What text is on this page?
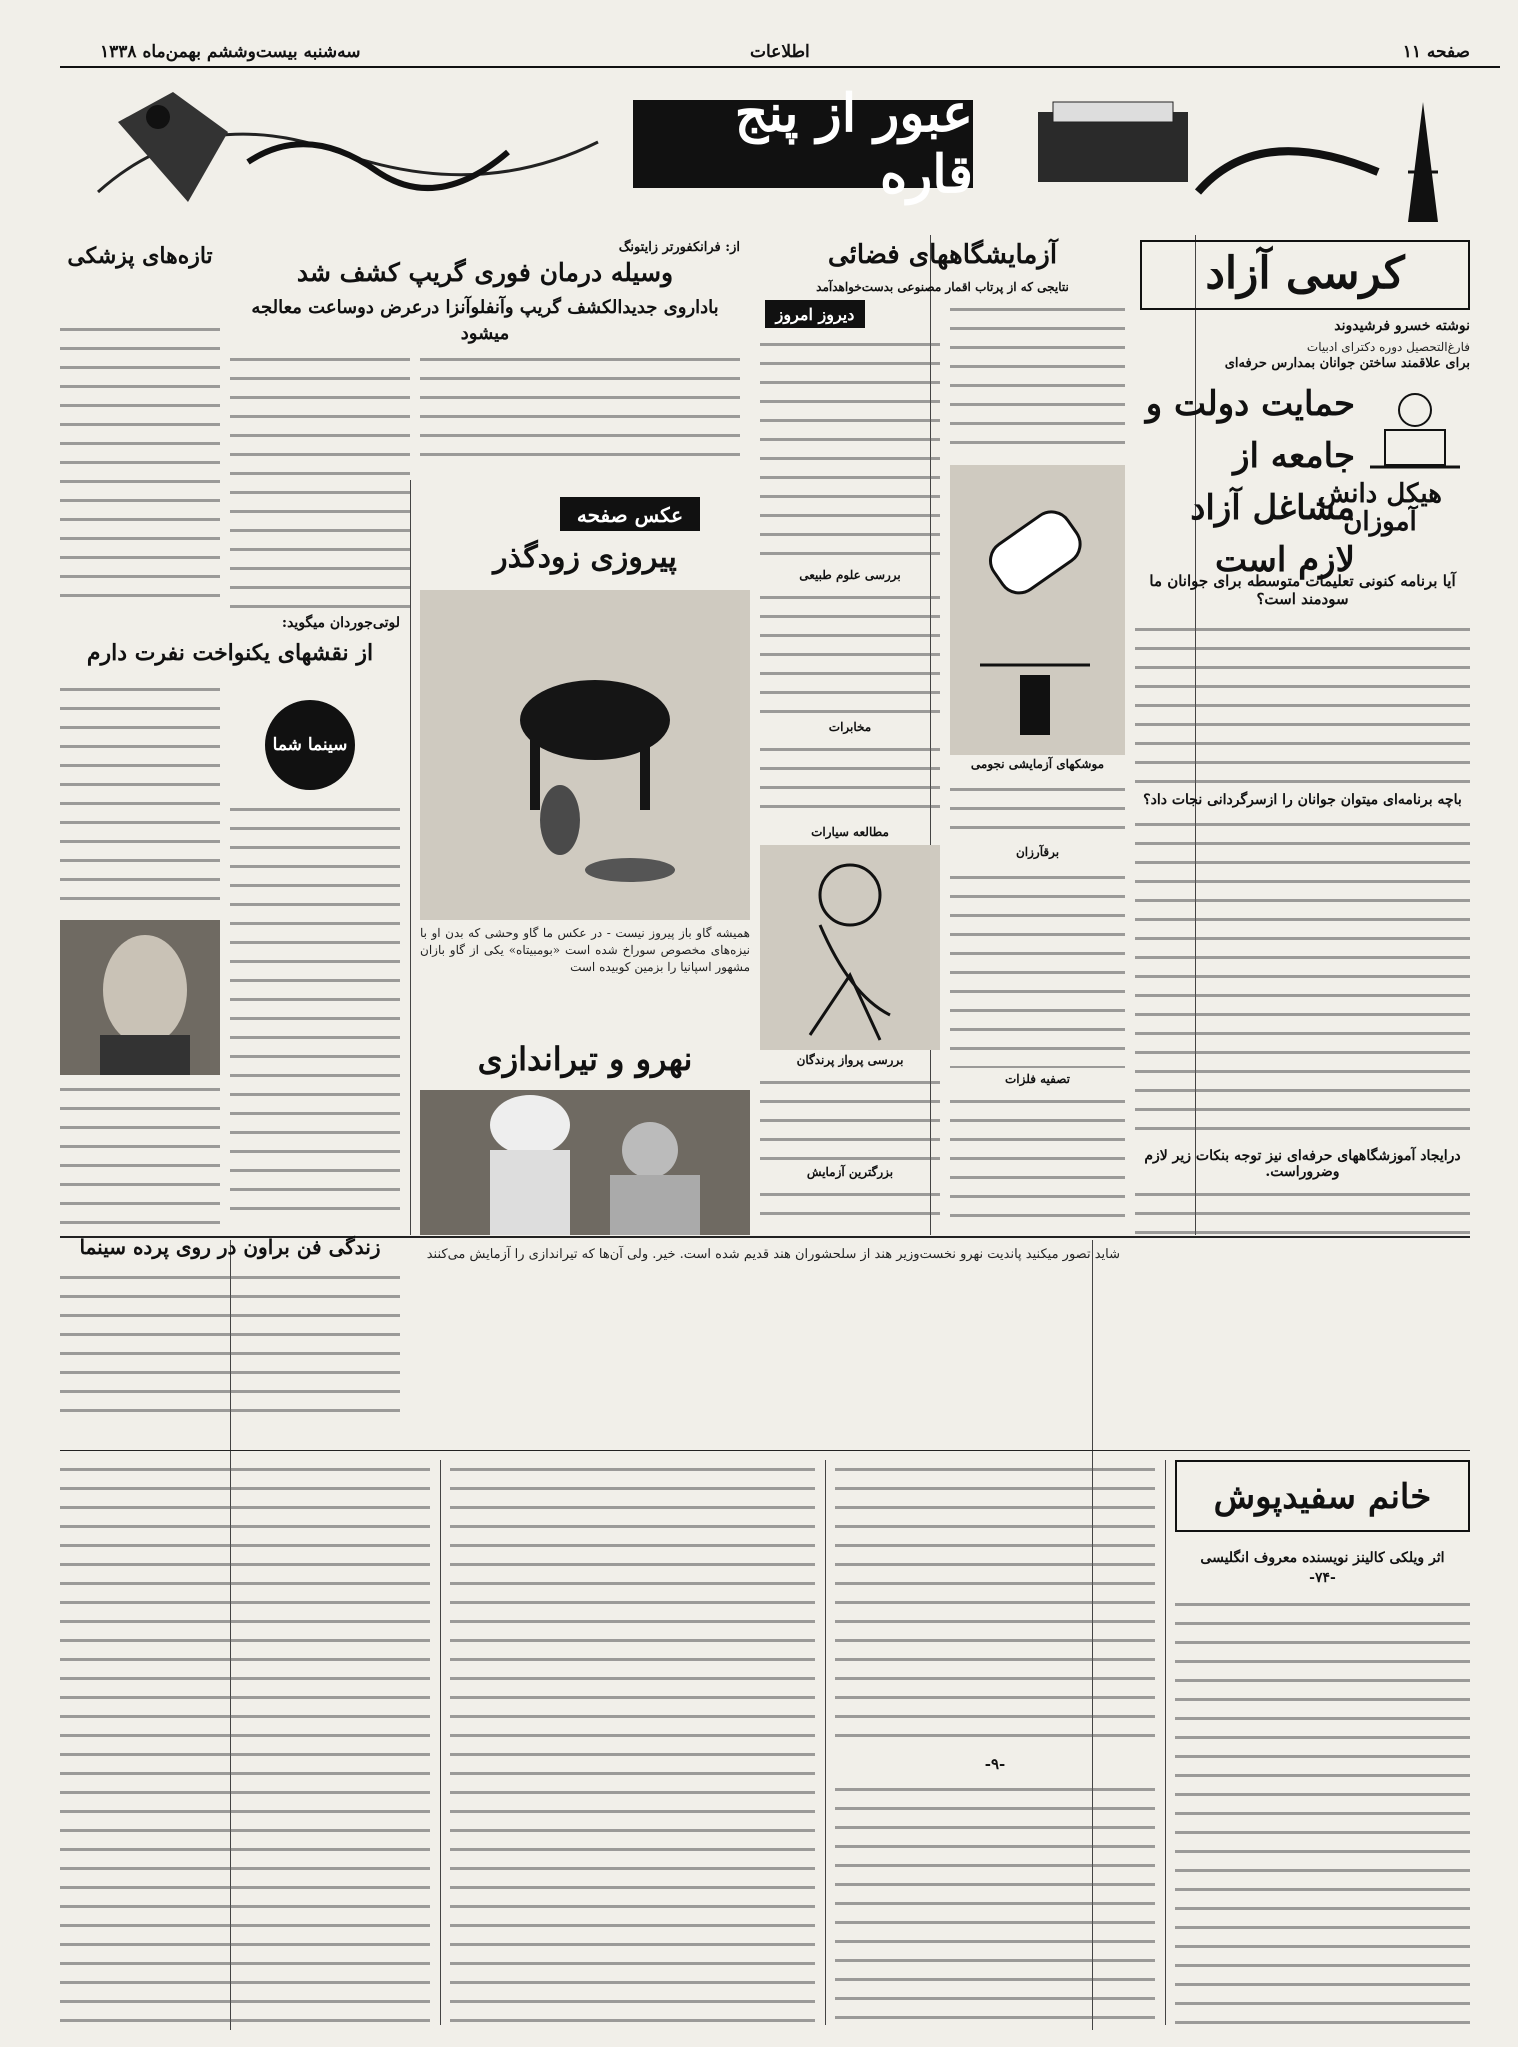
صفحه ۱۱
اطلاعات
سه‌شنبه بیست‌وششم بهمن‌ماه ۱۳۳۸
عبور از پنج قاره
کرسی آزاد
نوشته خسرو فرشیدوند
فارغ‌التحصیل دوره دکترای ادبیات
برای علاقمند ساختن جوانان بمدارس حرفه‌ای
حمایت دولت و جامعه از مشاغل آزاد لازم است
هیکل دانش آموزان
آیا برنامه کنونی تعلیمات متوسطه برای جوانان ما سودمند است؟
باچه برنامه‌ای میتوان جوانان را ازسرگردانی نجات داد؟
درایجاد آموزشگاههای حرفه‌ای نیز توجه بنکات زیر لازم وضروراست.
آزمایشگاههای فضائی
نتایجی که از پرتاب اقمار مصنوعی بدست‌خواهدآمد
دیروز امروز
موشکهای آزمایشی نجومی
بررسی علوم طبیعی
مخابرات
مطالعه سیارات
برقآرزان
بررسی پرواز پرندگان
تصفیه فلزات
بزرگترین آزمایش
از: فرانکفورتر زایتونگ
وسیله درمان فوری گریپ کشف شد
باداروی جدیدالکشف گریپ وآنفلوآنزا درعرض دوساعت معالجه میشود
تازه‌های پزشکی
عکس صفحه
پیروزی زودگذر
همیشه گاو باز پیروز نیست - در عکس ما گاو وحشی که بدن او با نیزه‌های مخصوص سوراخ شده است «بومبیتاه» یکی از گاو بازان مشهور اسپانیا را بزمین کوبیده است
نهرو و تیراندازی
لوتی‌جوردان میگوید:
از نقشهای یکنواخت نفرت دارم
سینما شما
زندگی فن براون در روی پرده سینما	شاید تصور میکنید پاندیت نهرو نخست‌وزیر هند از سلحشوران هند قدیم شده است. خیر. ولی آن‌ها که تیراندازی را آزمایش می‌کنند
خانم سفیدپوش
اثر ویلکی کالینز نویسنده معروف انگلیسی
-۷۴-
-۹-
